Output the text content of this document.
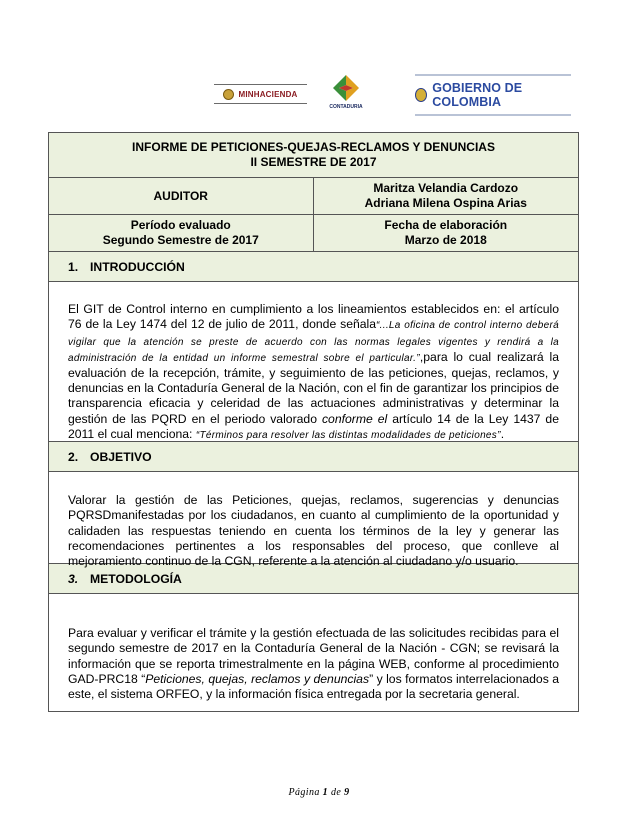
MINHACIENDA
CONTADURIA
GOBIERNO DE COLOMBIA
INFORME DE PETICIONES-QUEJAS-RECLAMOS Y DENUNCIAS
II SEMESTRE DE 2017
AUDITOR
Maritza Velandia Cardozo
Adriana Milena Ospina Arias
Período evaluado
Segundo Semestre de 2017
Fecha de elaboración
Marzo de 2018
1. INTRODUCCIÓN

El GIT de Control interno en cumplimiento a los lineamientos establecidos en: el artículo 76 de la Ley 1474 del 12 de julio de 2011, donde señala“...La oficina de control interno deberá vigilar que la atención se preste de acuerdo con las normas legales vigentes y rendirá a la administración de la entidad un informe semestral sobre el particular.”,para lo cual realizará la evaluación de la recepción, trámite, y seguimiento de las peticiones, quejas, reclamos, y denuncias en la Contaduría General de la Nación, con el fin de garantizar los principios de transparencia eficacia y celeridad de las actuaciones administrativas y determinar la gestión de las PQRD en el periodo valorado conforme el artículo 14 de la Ley 1437 de 2011 el cual menciona: “Términos para resolver las distintas modalidades de peticiones”.

2. OBJETIVO

Valorar la gestión de las Peticiones, quejas, reclamos, sugerencias y denuncias PQRSDmanifestadas por los ciudadanos, en cuanto al cumplimiento de la oportunidad y calidaden las respuestas teniendo en cuenta los términos de la ley y generar las recomendaciones pertinentes a los responsables del proceso, que conlleve al mejoramiento continuo de la CGN, referente a la atención al ciudadano y/o usuario.

3. METODOLOGÍA

Para evaluar y verificar el trámite y la gestión efectuada de las solicitudes recibidas para el segundo semestre de 2017 en la Contaduría General de la Nación - CGN; se revisará la información que se reporta trimestralmente en la página WEB, conforme al procedimiento GAD-PRC18 “Peticiones, quejas, reclamos y denuncias” y los formatos interrelacionados a este, el sistema ORFEO, y la información física entregada por la secretaria general.

Página 1 de 9
